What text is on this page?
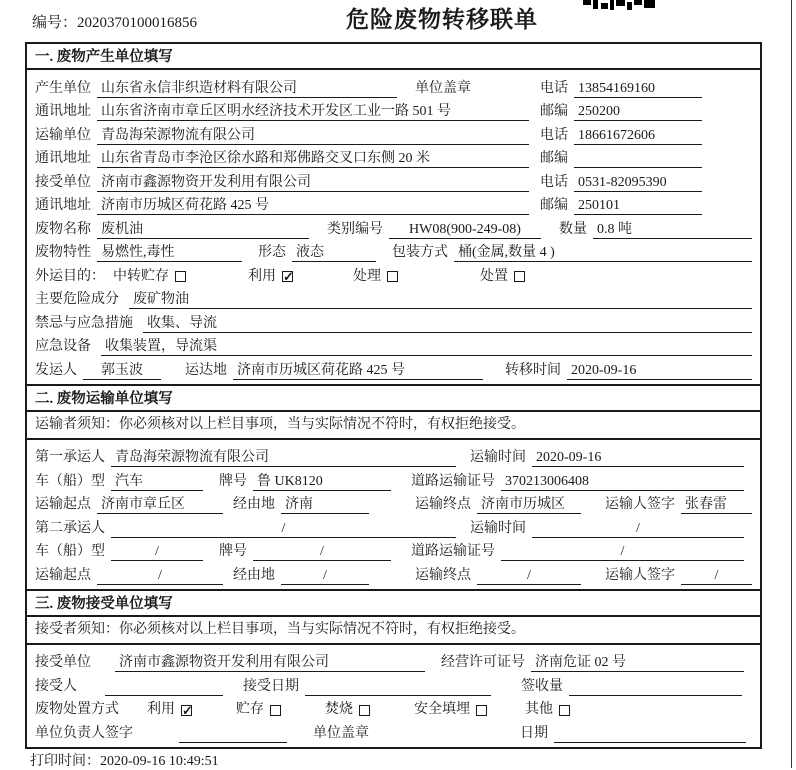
编号：2020370100016856	危险废物转移联单
一. 废物产生单位填写
产生单位 山东省永信非织造材料有限公司	单位盖章	电话 13854169160
通讯地址 山东省济南市章丘区明水经济技术开发区工业一路 501 号	邮编 250200
运输单位 青岛海荣源物流有限公司	电话 18661672606
通讯地址 山东省青岛市李沧区徐水路和郑佛路交叉口东侧 20 米	邮编
接受单位 济南市鑫源物资开发利用有限公司	电话 0531-82095390
通讯地址 济南市历城区荷花路 425 号	邮编 250101
废物名称 废机油	类别编号	HW08(900-249-08)	数量 0.8 吨
废物特性 易燃性,毒性	形态 液态	包装方式 桶(金属,数量 4 )
外运目的： 中转贮存	利用 ✓	处理	处置
主要危险成分 废矿物油
禁忌与应急措施 收集、导流
应急设备 收集装置，导流渠
发运人	郭玉波	运达地 济南市历城区荷花路 425 号	转移时间 2020-09-16
二. 废物运输单位填写
运输者须知：你必须核对以上栏目事项，当与实际情况不符时，有权拒绝接受。
第一承运人 青岛海荣源物流有限公司	运输时间 2020-09-16
车（船）型 汽车	牌号 鲁 UK8120	道路运输证号 370213006408
运输起点 济南市章丘区	经由地 济南	运输终点 济南市历城区	运输人签字 张春雷
第二承运人	/	运输时间	/
车（船）型	/	牌号	/	道路运输证号	/
运输起点	/	经由地	/	运输终点	/	运输人签字	/
三. 废物接受单位填写
接受者须知：你必须核对以上栏目事项，当与实际情况不符时，有权拒绝接受。
接受单位 济南市鑫源物资开发利用有限公司	经营许可证号 济南危证 02 号
接受人	接受日期	签收量
废物处置方式 利用 ✓	贮存	焚烧	安全填埋	其他
单位负责人签字	单位盖章	日期
打印时间：2020-09-16 10:49:51
